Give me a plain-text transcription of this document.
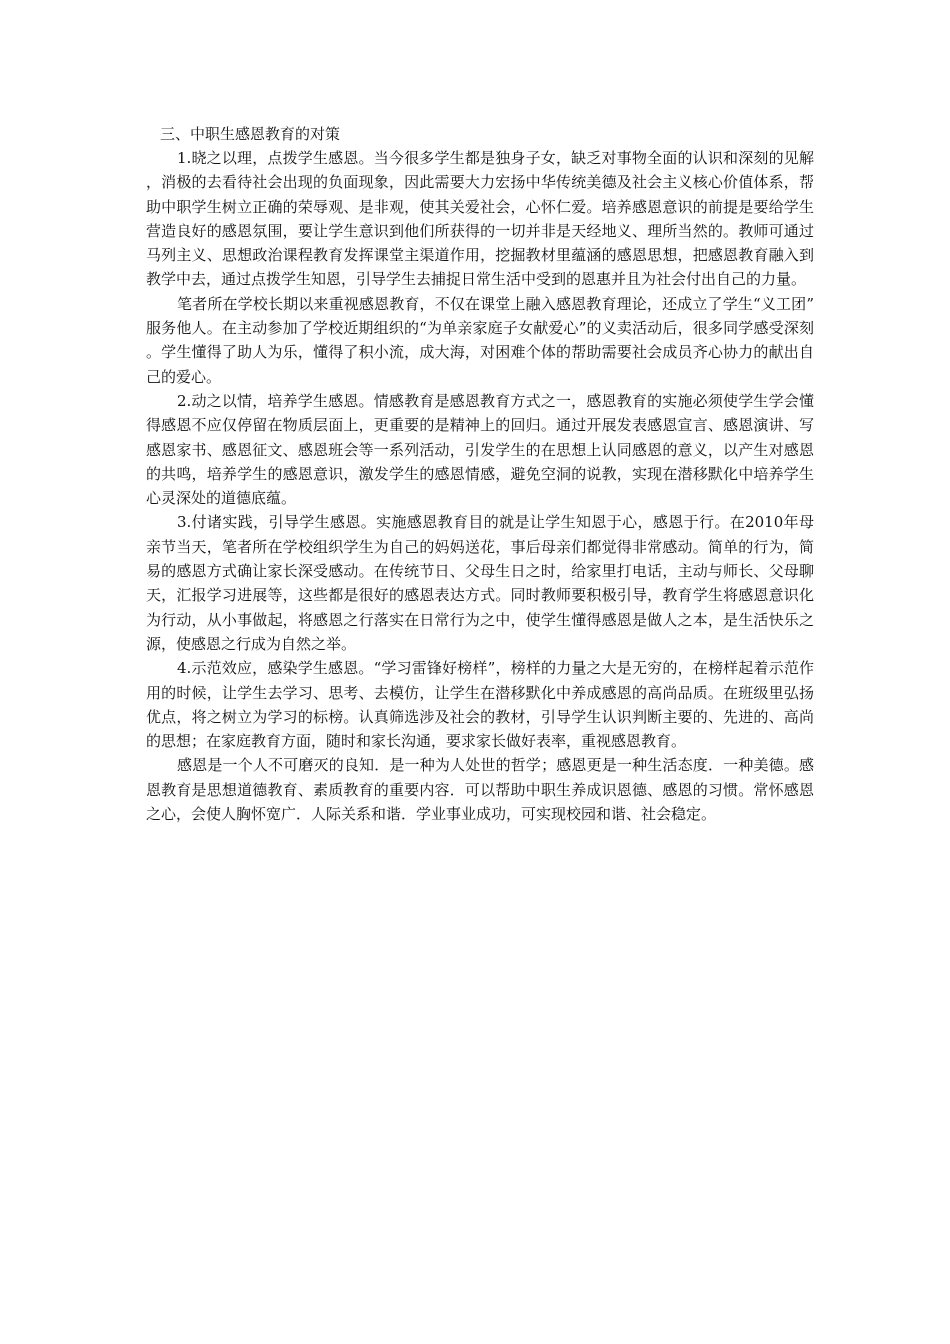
三、中职生感恩教育的对策

1.晓之以理，点拨学生感恩。当今很多学生都是独身子女，缺乏对事物全面的认识和深刻的见解，消极的去看待社会出现的负面现象，因此需要大力宏扬中华传统美德及社会主义核心价值体系，帮助中职学生树立正确的荣辱观、是非观，使其关爱社会，心怀仁爱。培养感恩意识的前提是要给学生营造良好的感恩氛围，要让学生意识到他们所获得的一切并非是天经地义、理所当然的。教师可通过马列主义、思想政治课程教育发挥课堂主渠道作用，挖掘教材里蕴涵的感恩思想，把感恩教育融入到教学中去，通过点拨学生知恩，引导学生去捕捉日常生活中受到的恩惠并且为社会付出自己的力量。

笔者所在学校长期以来重视感恩教育，不仅在课堂上融入感恩教育理论，还成立了学生“义工团”服务他人。在主动参加了学校近期组织的“为单亲家庭子女献爱心”的义卖活动后，很多同学感受深刻。学生懂得了助人为乐，懂得了积小流，成大海，对困难个体的帮助需要社会成员齐心协力的献出自己的爱心。

2.动之以情，培养学生感恩。情感教育是感恩教育方式之一，感恩教育的实施必须使学生学会懂得感恩不应仅停留在物质层面上，更重要的是精神上的回归。通过开展发表感恩宣言、感恩演讲、写感恩家书、感恩征文、感恩班会等一系列活动，引发学生的在思想上认同感恩的意义，以产生对感恩的共鸣，培养学生的感恩意识，激发学生的感恩情感，避免空洞的说教，实现在潜移默化中培养学生心灵深处的道德底蕴。

3.付诸实践，引导学生感恩。实施感恩教育目的就是让学生知恩于心，感恩于行。在2010年母亲节当天，笔者所在学校组织学生为自己的妈妈送花，事后母亲们都觉得非常感动。简单的行为，简易的感恩方式确让家长深受感动。在传统节日、父母生日之时，给家里打电话，主动与师长、父母聊天，汇报学习进展等，这些都是很好的感恩表达方式。同时教师要积极引导，教育学生将感恩意识化为行动，从小事做起，将感恩之行落实在日常行为之中，使学生懂得感恩是做人之本，是生活快乐之源，使感恩之行成为自然之举。

4.示范效应，感染学生感恩。“学习雷锋好榜样”，榜样的力量之大是无穷的，在榜样起着示范作用的时候，让学生去学习、思考、去模仿，让学生在潜移默化中养成感恩的高尚品质。在班级里弘扬优点，将之树立为学习的标榜。认真筛选涉及社会的教材，引导学生认识判断主要的、先进的、高尚的思想；在家庭教育方面，随时和家长沟通，要求家长做好表率，重视感恩教育。

感恩是一个人不可磨灭的良知．是一种为人处世的哲学；感恩更是一种生活态度．一种美德。感恩教育是思想道德教育、素质教育的重要内容．可以帮助中职生养成识恩德、感恩的习惯。常怀感恩之心，会使人胸怀宽广．人际关系和谐．学业事业成功，可实现校园和谐、社会稳定。
